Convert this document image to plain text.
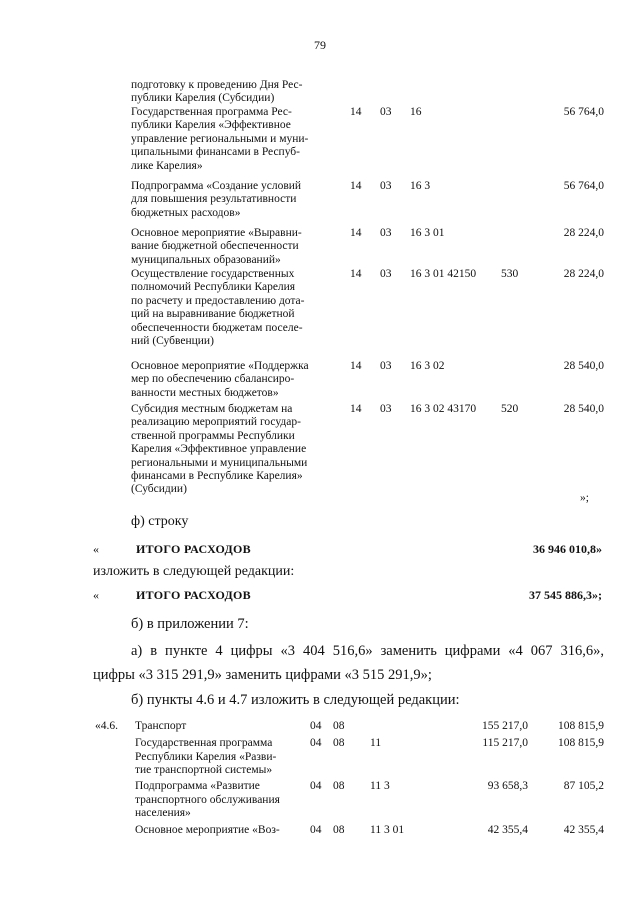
79
подготовку к проведению Дня Рес-
публики Карелия (Субсидии)
Государственная программа Рес-
публики Карелия «Эффективное
управление региональными и муни-
ципальными финансами в Респуб-
лике Карелия»
14 03 16	56 764,0
Подпрограмма «Создание условий
для повышения результативности
бюджетных расходов»
14 03 16 3	56 764,0
Основное мероприятие «Выравни-
вание бюджетной обеспеченности
муниципальных образований»
14 03 16 3 01	28 224,0
Осуществление государственных
полномочий Республики Карелия
по расчету и предоставлению дота-
ций на выравнивание бюджетной
обеспеченности бюджетам поселе-
ний (Субвенции)
14 03 16 3 01 42150 530	28 224,0
Основное мероприятие «Поддержка
мер по обеспечению сбалансиро-
ванности местных бюджетов»
14 03 16 3 02	28 540,0
Субсидия местным бюджетам на
реализацию мероприятий государ-
ственной программы Республики
Карелия «Эффективное управление
региональными и муниципальными
финансами в Республике Карелия»
(Субсидии)
14 03 16 3 02 43170 520	28 540,0
»;
ф) строку
«	ИТОГО РАСХОДОВ	36 946 010,8»
изложить в следующей редакции:
«	ИТОГО РАСХОДОВ	37 545 886,3»;
б) в приложении 7:
а) в пункте 4 цифры «3 404 516,6» заменить цифрами «4 067 316,6»,
цифры «3 315 291,9» заменить цифрами «3 515 291,9»;
б) пункты 4.6 и 4.7 изложить в следующей редакции:
«4.6. Транспорт	04 08	155 217,0	108 815,9
Государственная программа
Республики Карелия «Разви-
тие транспортной системы»
04 08 11	115 217,0	108 815,9
Подпрограмма «Развитие
транспортного обслуживания
населения»
04 08 11 3	93 658,3	87 105,2
Основное мероприятие «Воз-	04 08 11 3 01	42 355,4	42 355,4
